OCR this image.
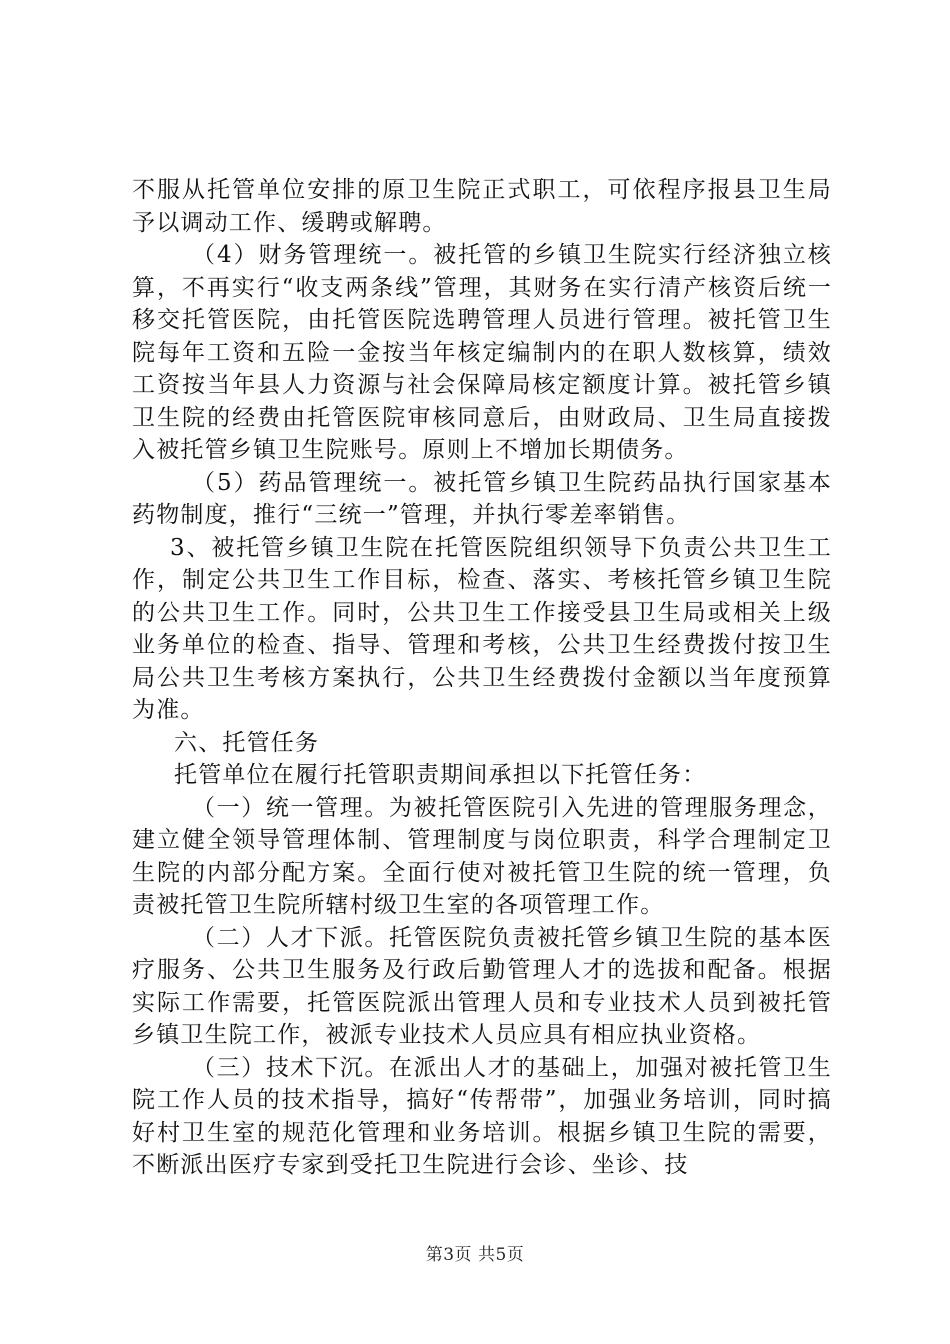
不服从托管单位安排的原卫生院正式职工，可依程序报县卫生局予以调动工作、缓聘或解聘。

（4）财务管理统一。被托管的乡镇卫生院实行经济独立核算，不再实行“收支两条线”管理，其财务在实行清产核资后统一移交托管医院，由托管医院选聘管理人员进行管理。被托管卫生院每年工资和五险一金按当年核定编制内的在职人数核算，绩效工资按当年县人力资源与社会保障局核定额度计算。被托管乡镇卫生院的经费由托管医院审核同意后，由财政局、卫生局直接拨入被托管乡镇卫生院账号。原则上不增加长期债务。

（5）药品管理统一。被托管乡镇卫生院药品执行国家基本药物制度，推行“三统一”管理，并执行零差率销售。

3、被托管乡镇卫生院在托管医院组织领导下负责公共卫生工作，制定公共卫生工作目标，检查、落实、考核托管乡镇卫生院的公共卫生工作。同时，公共卫生工作接受县卫生局或相关上级业务单位的检查、指导、管理和考核，公共卫生经费拨付按卫生局公共卫生考核方案执行，公共卫生经费拨付金额以当年度预算为准。

六、托管任务

托管单位在履行托管职责期间承担以下托管任务：

（一）统一管理。为被托管医院引入先进的管理服务理念，建立健全领导管理体制、管理制度与岗位职责，科学合理制定卫生院的内部分配方案。全面行使对被托管卫生院的统一管理，负责被托管卫生院所辖村级卫生室的各项管理工作。

（二）人才下派。托管医院负责被托管乡镇卫生院的基本医疗服务、公共卫生服务及行政后勤管理人才的选拔和配备。根据实际工作需要，托管医院派出管理人员和专业技术人员到被托管乡镇卫生院工作，被派专业技术人员应具有相应执业资格。

（三）技术下沉。在派出人才的基础上，加强对被托管卫生院工作人员的技术指导，搞好“传帮带”，加强业务培训，同时搞好村卫生室的规范化管理和业务培训。根据乡镇卫生院的需要，不断派出医疗专家到受托卫生院进行会诊、坐诊、技

第3页 共5页
